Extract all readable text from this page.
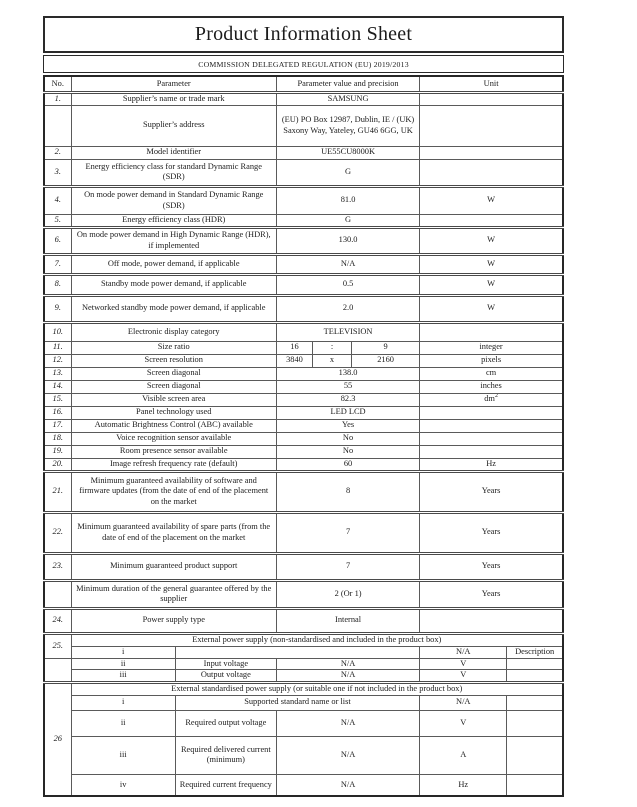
Product Information Sheet
COMMISSION DELEGATED REGULATION (EU) 2019/2013
No.	Parameter		Parameter value and precision			Unit	
1.	Supplier’s name or trade mark		SAMSUNG				
	Supplier’s address		(EU) PO Box 12987, Dublin, IE / (UK) Saxony Way, Yateley, GU46 6GG, UK				
2.	Model identifier		UE55CU8000K				
3.	Energy efficiency class for standard Dynamic Range (SDR)		G				
4.	On mode power demand in Standard Dynamic Range (SDR)		81.0			W	
5.	Energy efficiency class (HDR)		G				
6.	On mode power demand in High Dynamic Range (HDR), if implemented		130.0			W	
7.	Off mode, power demand, if applicable		N/A			W	
8.	Standby mode power demand, if applicable		0.5			W	
9.	Networked standby mode power demand, if applicable		2.0			W	
10.	Electronic display category		TELEVISION				
11.	Size ratio		16	:	9	integer	
12.	Screen resolution		3840	x	2160	pixels	
13.	Screen diagonal		138.0			cm	
14.	Screen diagonal		55			inches	
15.	Visible screen area		82.3			$dm^2$
16.	Panel technology used		LED LCD				
17.	Automatic Brightness Control (ABC) available		Yes				
18.	Voice recognition sensor available		No				
19.	Room presence sensor available		No				
20.	Image refresh frequency rate (default)		60			Hz	
21.	Minimum guaranteed availability of software and firmware updates (from the date of end of the placement on the market		8			Years	
22.	Minimum guaranteed availability of spare parts (from the date of end of the placement on the market		7			Years	
23.	Minimum guaranteed product support		7			Years	
	Minimum duration of the general guarantee offered by the supplier		2 (Or 1)			Years	
24.	Power supply type		Internal				
25.	External power supply (non-standardised and included in the product box)						
	i					N/A	Description
	ii	Input voltage	N/A			V	
	iii	Output voltage	N/A			V	
26	External standardised power supply (or suitable one if not included in the product box)						
	i	Supported standard name or list				N/A	
	ii	Required output voltage	N/A			V	
	iii	Required delivered current (minimum)	N/A			A	
	iv	Required current frequency	N/A			Hz	
